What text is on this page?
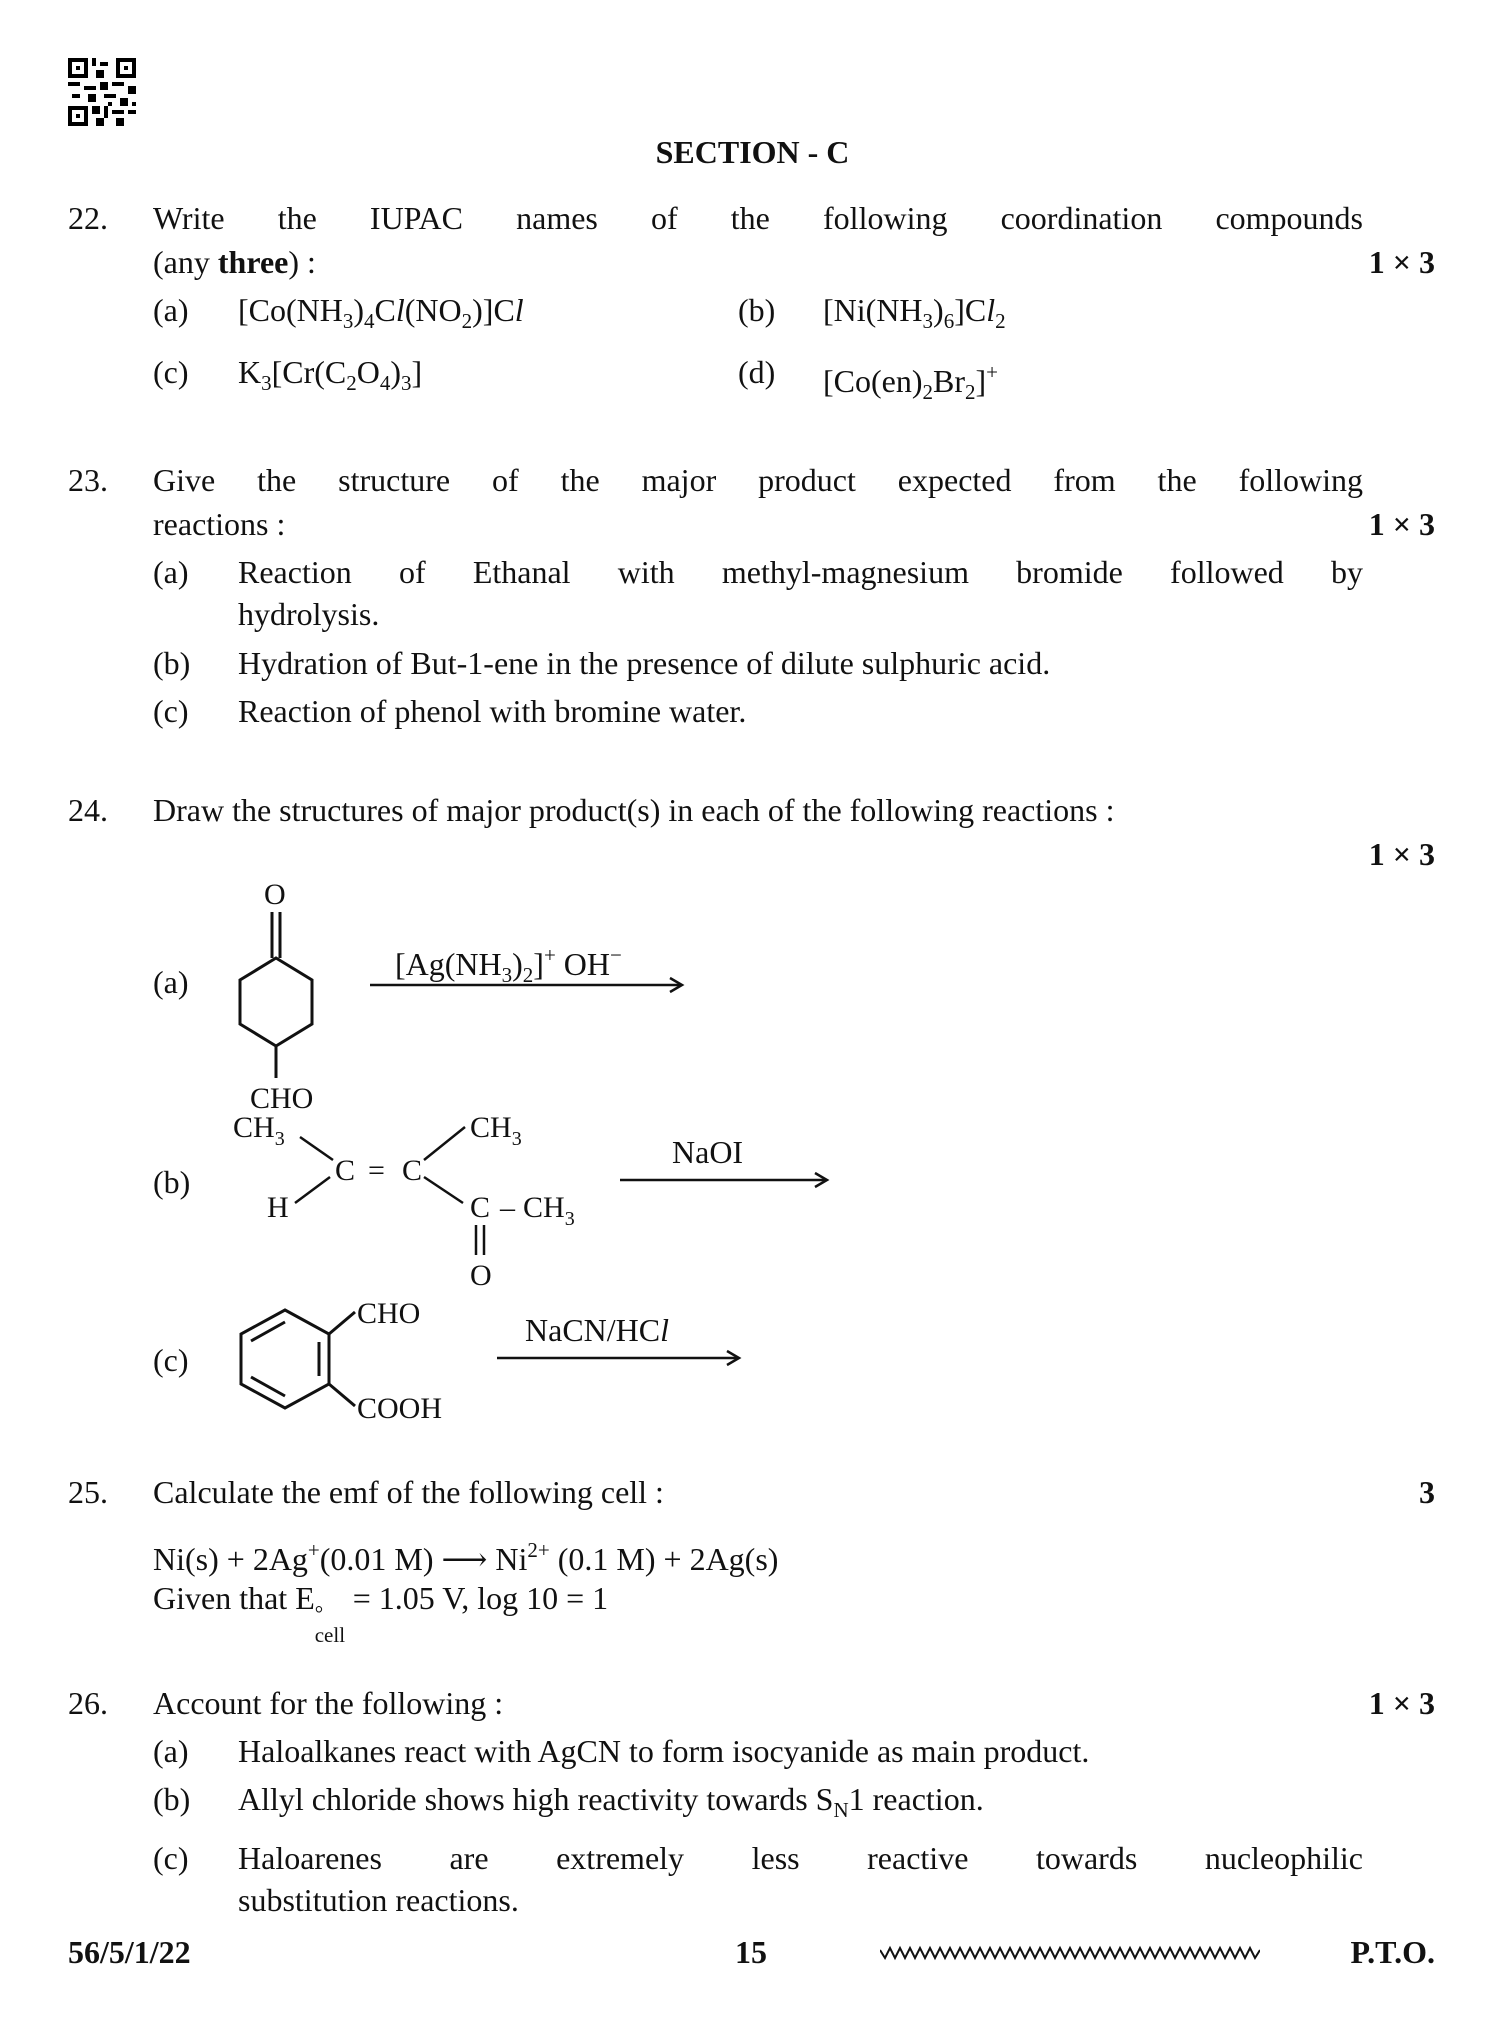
SECTION - C
22. Write the IUPAC names of the following coordination compounds
(any three) :	1 × 3
(a) $[Co(NH_3)_4Cl(NO_2)]Cl$	(b) $[Ni(NH_3)_6]Cl_2$
(c) $K_3[Cr(C_2O_4)_3]$	(d) $[Co(en)_2Br_2]^+$
23. Give the structure of the major product expected from the following
reactions :	1 × 3
(a) Reaction of Ethanal with methyl-magnesium bromide followed by
hydrolysis.
(b) Hydration of But-1-ene in the presence of dilute sulphuric acid.
(c) Reaction of phenol with bromine water.
24. Draw the structures of major product(s) in each of the following reactions :
1 × 3
(a)
O
CHO
$[Ag(NH_3)_2]^+$ OH−
(b)
$CH_3$
H
C = C
$CH_3$
C – $CH_3$
O
NaOI
(c)
CHO
COOH
NaCN/HCl
25. Calculate the emf of the following cell :	3
Ni(s) + 2Ag+(0.01 M) ⟶ $Ni^{2+}$ (0.1 M) + 2Ag(s)
Given that E °
cell
= 1.05 V, log 10 = 1
26. Account for the following :	1 × 3
(a) Haloalkanes react with AgCN to form isocyanide as main product.
(b) Allyl chloride shows high reactivity towards $S_N1$ reaction.
(c) Haloarenes are extremely less reactive towards nucleophilic
substitution reactions.
56/5/1/22	15	P.T.O.
